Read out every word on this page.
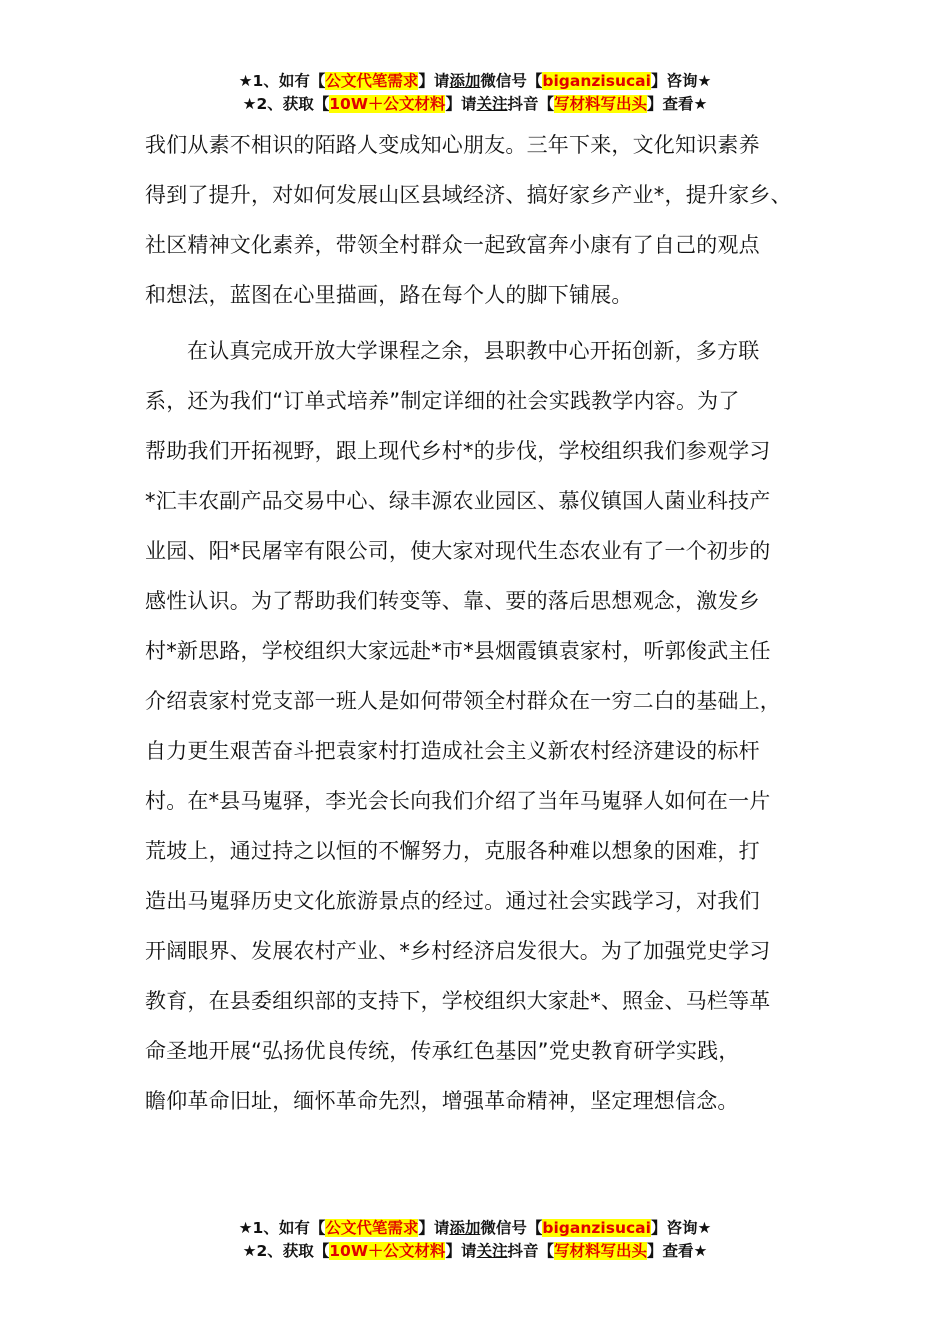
★1、如有【公文代笔需求】请添加微信号【biganzisucai】咨询★
★2、获取【10W＋公文材料】请关注抖音【写材料写出头】查看★

我们从素不相识的陌路人变成知心朋友。三年下来，文化知识素养
得到了提升，对如何发展山区县域经济、搞好家乡产业*，提升家乡、
社区精神文化素养，带领全村群众一起致富奔小康有了自己的观点
和想法，蓝图在心里描画，路在每个人的脚下铺展。

在认真完成开放大学课程之余，县职教中心开拓创新，多方联
系，还为我们“订单式培养”制定详细的社会实践教学内容。为了
帮助我们开拓视野，跟上现代乡村*的步伐，学校组织我们参观学习
*汇丰农副产品交易中心、绿丰源农业园区、慕仪镇国人菌业科技产
业园、阳*民屠宰有限公司，使大家对现代生态农业有了一个初步的
感性认识。为了帮助我们转变等、靠、要的落后思想观念，激发乡
村*新思路，学校组织大家远赴*市*县烟霞镇袁家村，听郭俊武主任
介绍袁家村党支部一班人是如何带领全村群众在一穷二白的基础上，
自力更生艰苦奋斗把袁家村打造成社会主义新农村经济建设的标杆
村。在*县马嵬驿，李光会长向我们介绍了当年马嵬驿人如何在一片
荒坡上，通过持之以恒的不懈努力，克服各种难以想象的困难，打
造出马嵬驿历史文化旅游景点的经过。通过社会实践学习，对我们
开阔眼界、发展农村产业、*乡村经济启发很大。为了加强党史学习
教育，在县委组织部的支持下，学校组织大家赴*、照金、马栏等革
命圣地开展“弘扬优良传统，传承红色基因”党史教育研学实践，
瞻仰革命旧址，缅怀革命先烈，增强革命精神，坚定理想信念。

★1、如有【公文代笔需求】请添加微信号【biganzisucai】咨询★
★2、获取【10W＋公文材料】请关注抖音【写材料写出头】查看★
